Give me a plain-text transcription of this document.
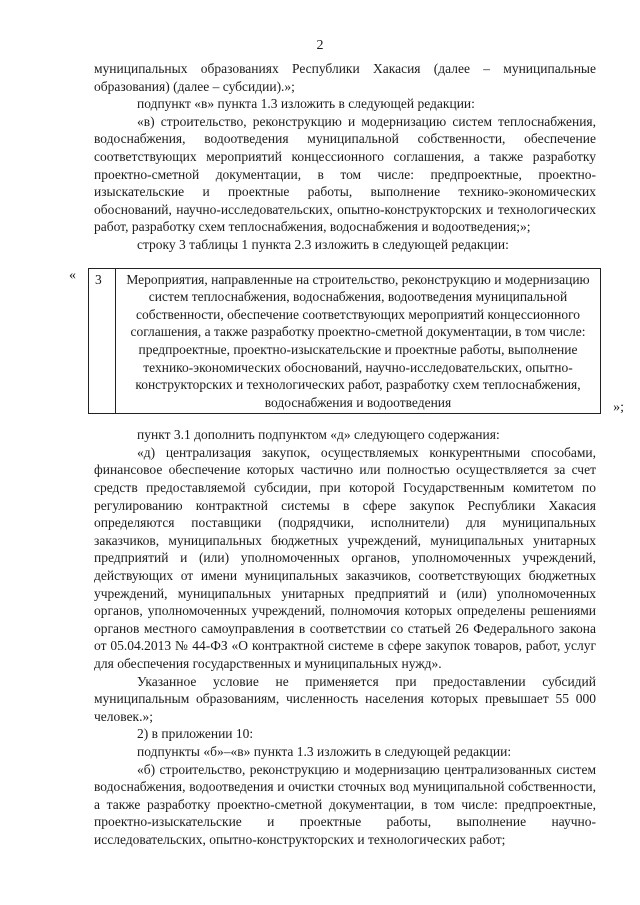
2

муниципальных образованиях Республики Хакасия (далее – муниципальные образования) (далее – субсидии).»;

подпункт «в» пункта 1.3 изложить в следующей редакции:

«в) строительство, реконструкцию и модернизацию систем теплоснабжения, водоснабжения, водоотведения муниципальной собственности, обеспечение соответствующих мероприятий концессионного соглашения, а также разработку проектно-сметной документации, в том числе: предпроектные, проектно-изыскательские и проектные работы, выполнение технико-экономических обоснований, научно-исследовательских, опытно-конструкторских и технологических работ, разработку схем теплоснабжения, водоснабжения и водоотведения;»;

строку 3 таблицы 1 пункта 2.3 изложить в следующей редакции:

« 3	Мероприятия, направленные на строительство, реконструкцию и модернизацию систем теплоснабжения, водоснабжения, водоотведения муниципальной собственности, обеспечение соответствующих мероприятий концессионного соглашения, а также разработку проектно-сметной документации, в том числе: предпроектные, проектно-изыскательские и проектные работы, выполнение технико-экономических обоснований, научно-исследовательских, опытно-конструкторских и технологических работ, разработку схем теплоснабжения, водоснабжения и водоотведения	»;

пункт 3.1 дополнить подпунктом «д» следующего содержания:

«д) централизация закупок, осуществляемых конкурентными способами, финансовое обеспечение которых частично или полностью осуществляется за счет средств предоставляемой субсидии, при которой Государственным комитетом по регулированию контрактной системы в сфере закупок Республики Хакасия определяются поставщики (подрядчики, исполнители) для муниципальных заказчиков, муниципальных бюджетных учреждений, муниципальных унитарных предприятий и (или) уполномоченных органов, уполномоченных учреждений, действующих от имени муниципальных заказчиков, соответствующих бюджетных учреждений, муниципальных унитарных предприятий и (или) уполномоченных органов, уполномоченных учреждений, полномочия которых определены решениями органов местного самоуправления в соответствии со статьей 26 Федерального закона от 05.04.2013 № 44-ФЗ «О контрактной системе в сфере закупок товаров, работ, услуг для обеспечения государственных и муниципальных нужд».

Указанное условие не применяется при предоставлении субсидий муниципальным образованиям, численность населения которых превышает 55 000 человек.»;

2) в приложении 10:

подпункты «б»–«в» пункта 1.3 изложить в следующей редакции:

«б) строительство, реконструкцию и модернизацию централизованных систем водоснабжения, водоотведения и очистки сточных вод муниципальной собственности, а также разработку проектно-сметной документации, в том числе: предпроектные, проектно-изыскательские и проектные работы, выполнение научно-исследовательских, опытно-конструкторских и технологических работ;
